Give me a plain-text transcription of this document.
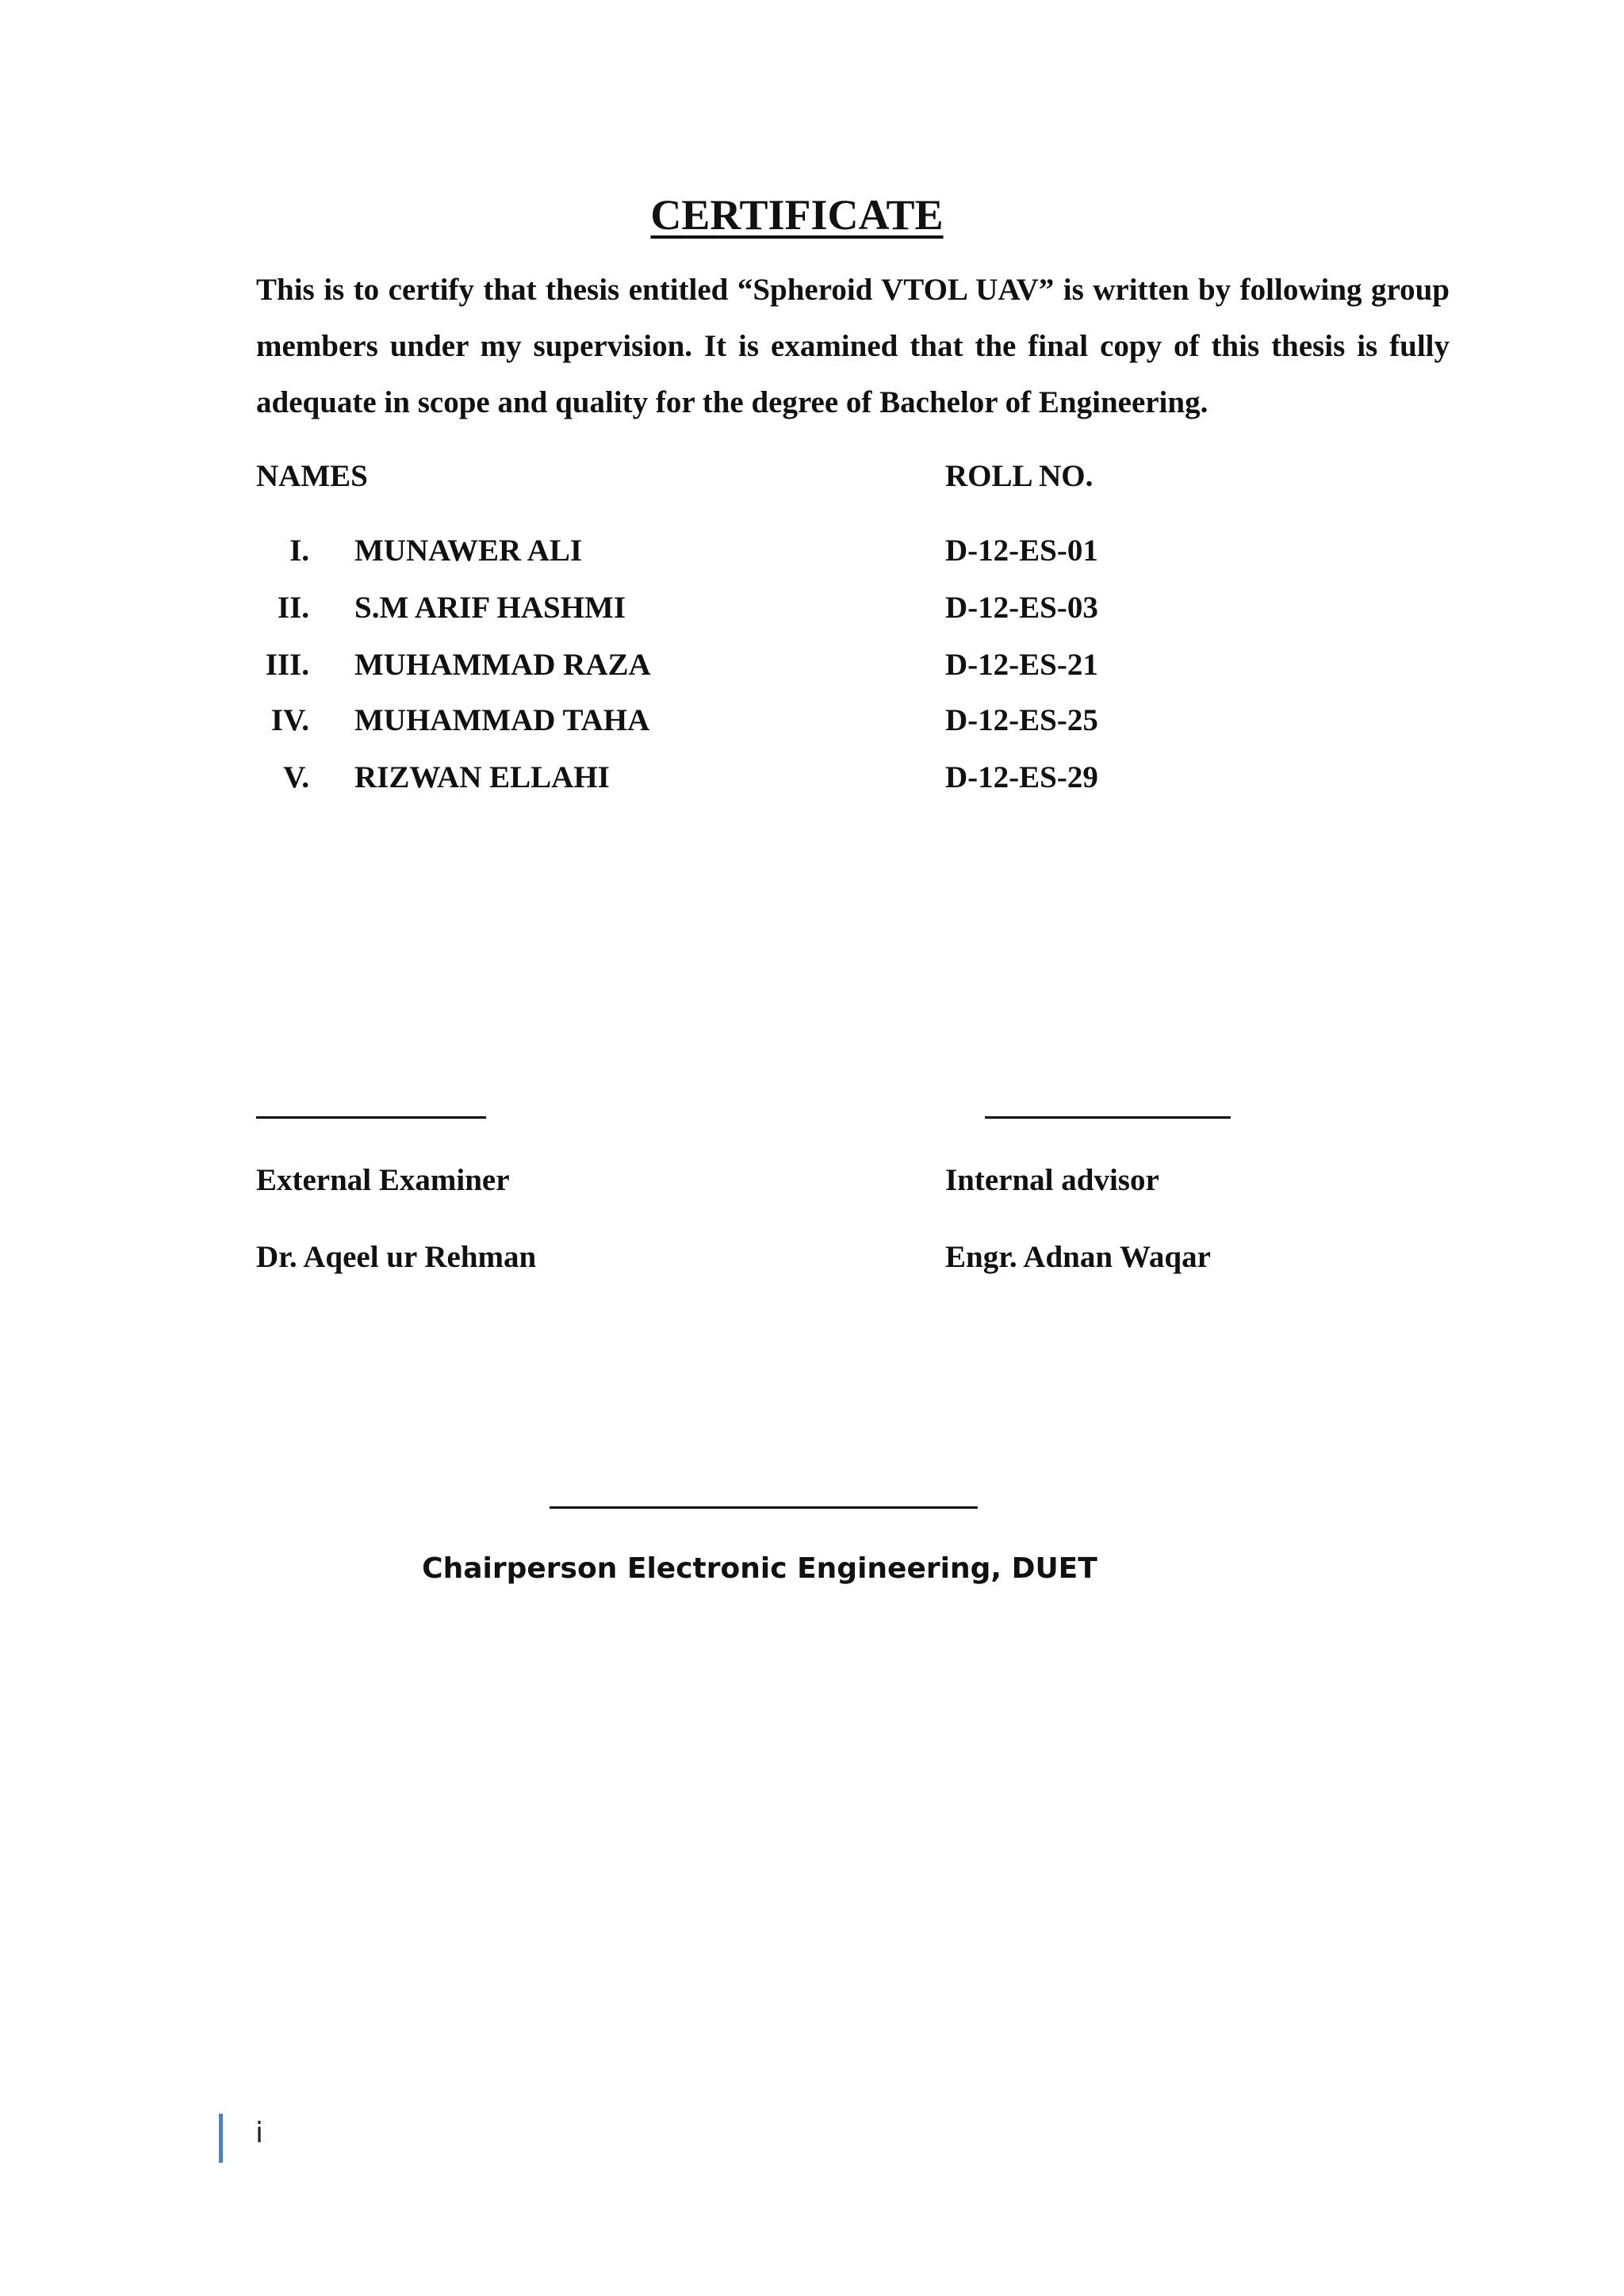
CERTIFICATE
This is to certify that thesis entitled “Spheroid VTOL UAV” is written by following group members under my supervision. It is examined that the final copy of this thesis is fully adequate in scope and quality for the degree of Bachelor of Engineering.
NAMES	ROLL NO.
I. MUNAWER ALI	D-12-ES-01
II. S.M ARIF HASHMI	D-12-ES-03
III. MUHAMMAD RAZA	D-12-ES-21
IV. MUHAMMAD TAHA	D-12-ES-25
V. RIZWAN ELLAHI	D-12-ES-29
External Examiner
Dr. Aqeel ur Rehman
Internal advisor
Engr. Adnan Waqar
Chairperson Electronic Engineering, DUET
i
